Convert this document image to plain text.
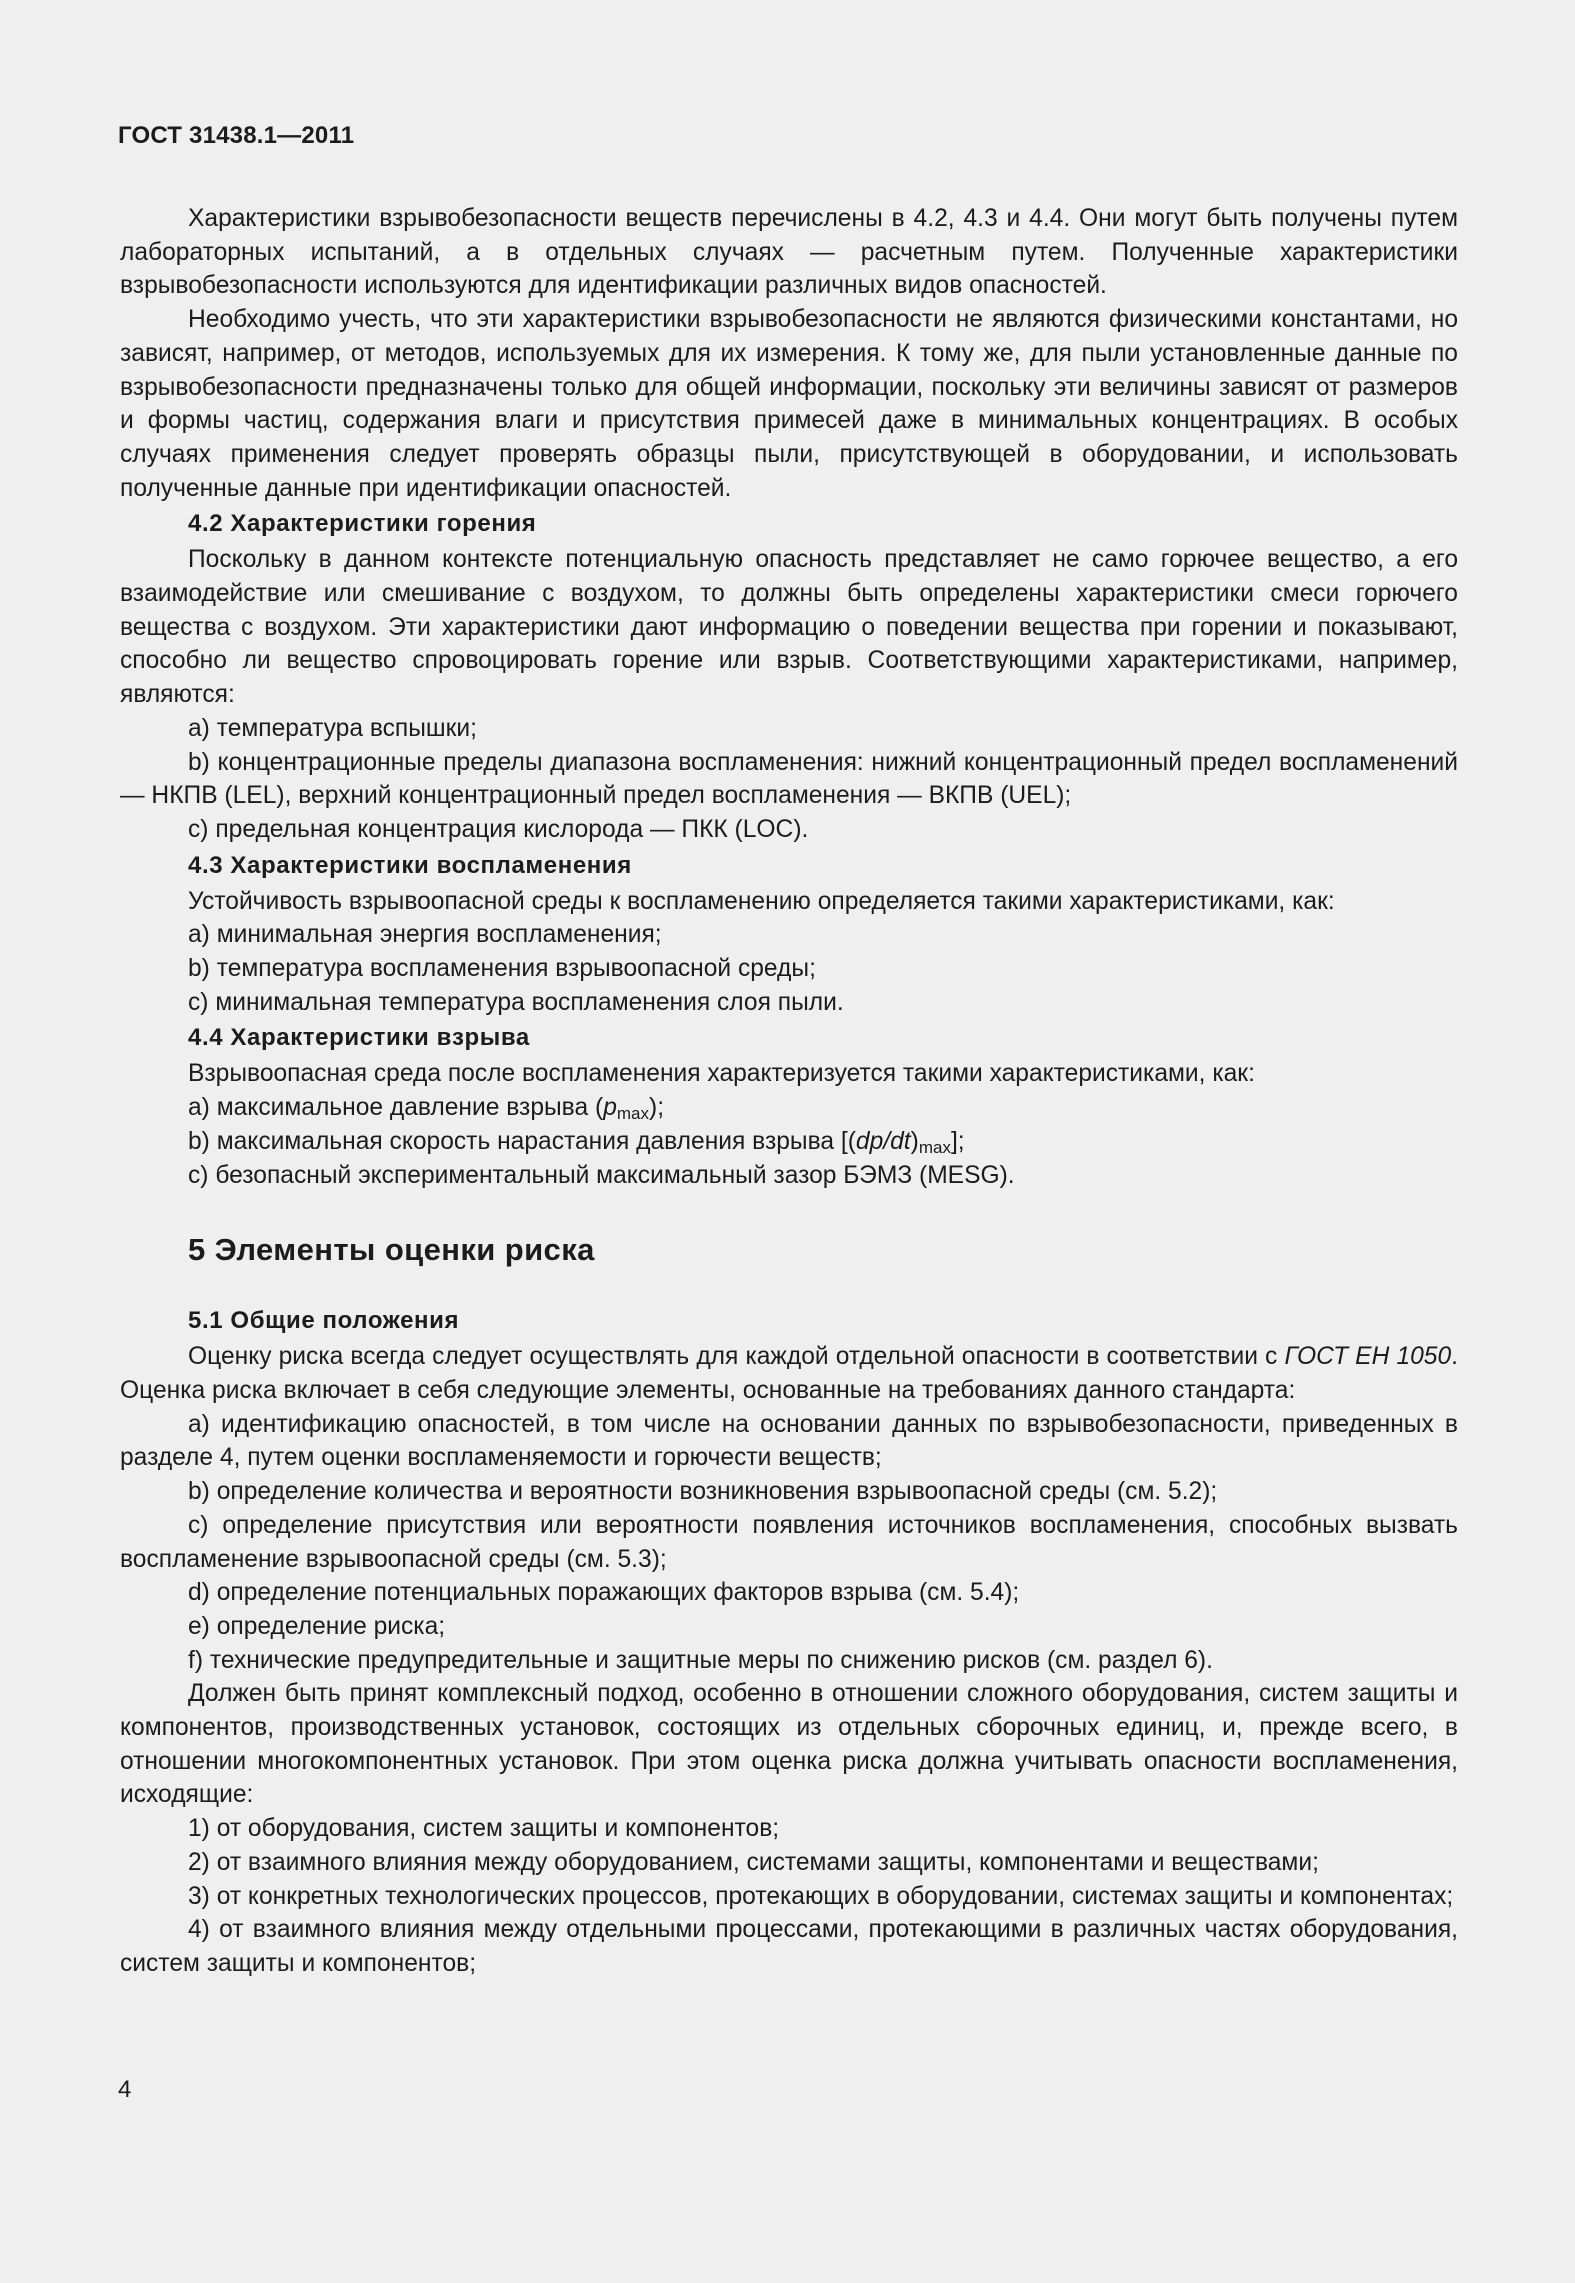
ГОСТ 31438.1—2011

Характеристики взрывобезопасности веществ перечислены в 4.2, 4.3 и 4.4. Они могут быть получены путем лабораторных испытаний, а в отдельных случаях — расчетным путем. Полученные характеристики взрывобезопасности используются для идентификации различных видов опасностей.

Необходимо учесть, что эти характеристики взрывобезопасности не являются физическими константами, но зависят, например, от методов, используемых для их измерения. К тому же, для пыли установленные данные по взрывобезопасности предназначены только для общей информации, поскольку эти величины зависят от размеров и формы частиц, содержания влаги и присутствия примесей даже в минимальных концентрациях. В особых случаях применения следует проверять образцы пыли, присутствующей в оборудовании, и использовать полученные данные при идентификации опасностей.

4.2 Характеристики горения

Поскольку в данном контексте потенциальную опасность представляет не само горючее вещество, а его взаимодействие или смешивание с воздухом, то должны быть определены характеристики смеси горючего вещества с воздухом. Эти характеристики дают информацию о поведении вещества при горении и показывают, способно ли вещество спровоцировать горение или взрыв. Соответствующими характеристиками, например, являются:

a) температура вспышки;

b) концентрационные пределы диапазона воспламенения: нижний концентрационный предел воспламенений — НКПВ (LEL), верхний концентрационный предел воспламенения — ВКПВ (UEL);

c) предельная концентрация кислорода — ПКК (LOC).

4.3 Характеристики воспламенения

Устойчивость взрывоопасной среды к воспламенению определяется такими характеристиками, как:

a) минимальная энергия воспламенения;

b) температура воспламенения взрывоопасной среды;

c) минимальная температура воспламенения слоя пыли.

4.4 Характеристики взрыва

Взрывоопасная среда после воспламенения характеризуется такими характеристиками, как:

a) максимальное давление взрыва $(p_{max})$;

b) максимальная скорость нарастания давления взрыва $[(dp/dt)_{max}]$;

c) безопасный экспериментальный максимальный зазор БЭМЗ (MESG).

5 Элементы оценки риска
5.1 Общие положения

Оценку риска всегда следует осуществлять для каждой отдельной опасности в соответствии с ГОСТ ЕН 1050. Оценка риска включает в себя следующие элементы, основанные на требованиях данного стандарта:

a) идентификацию опасностей, в том числе на основании данных по взрывобезопасности, приведенных в разделе 4, путем оценки воспламеняемости и горючести веществ;

b) определение количества и вероятности возникновения взрывоопасной среды (см. 5.2);

c) определение присутствия или вероятности появления источников воспламенения, способных вызвать воспламенение взрывоопасной среды (см. 5.3);

d) определение потенциальных поражающих факторов взрыва (см. 5.4);

e) определение риска;

f) технические предупредительные и защитные меры по снижению рисков (см. раздел 6).

Должен быть принят комплексный подход, особенно в отношении сложного оборудования, систем защиты и компонентов, производственных установок, состоящих из отдельных сборочных единиц, и, прежде всего, в отношении многокомпонентных установок. При этом оценка риска должна учитывать опасности воспламенения, исходящие:

1) от оборудования, систем защиты и компонентов;

2) от взаимного влияния между оборудованием, системами защиты, компонентами и веществами;

3) от конкретных технологических процессов, протекающих в оборудовании, системах защиты и компонентах;

4) от взаимного влияния между отдельными процессами, протекающими в различных частях оборудования, систем защиты и компонентов;

4
